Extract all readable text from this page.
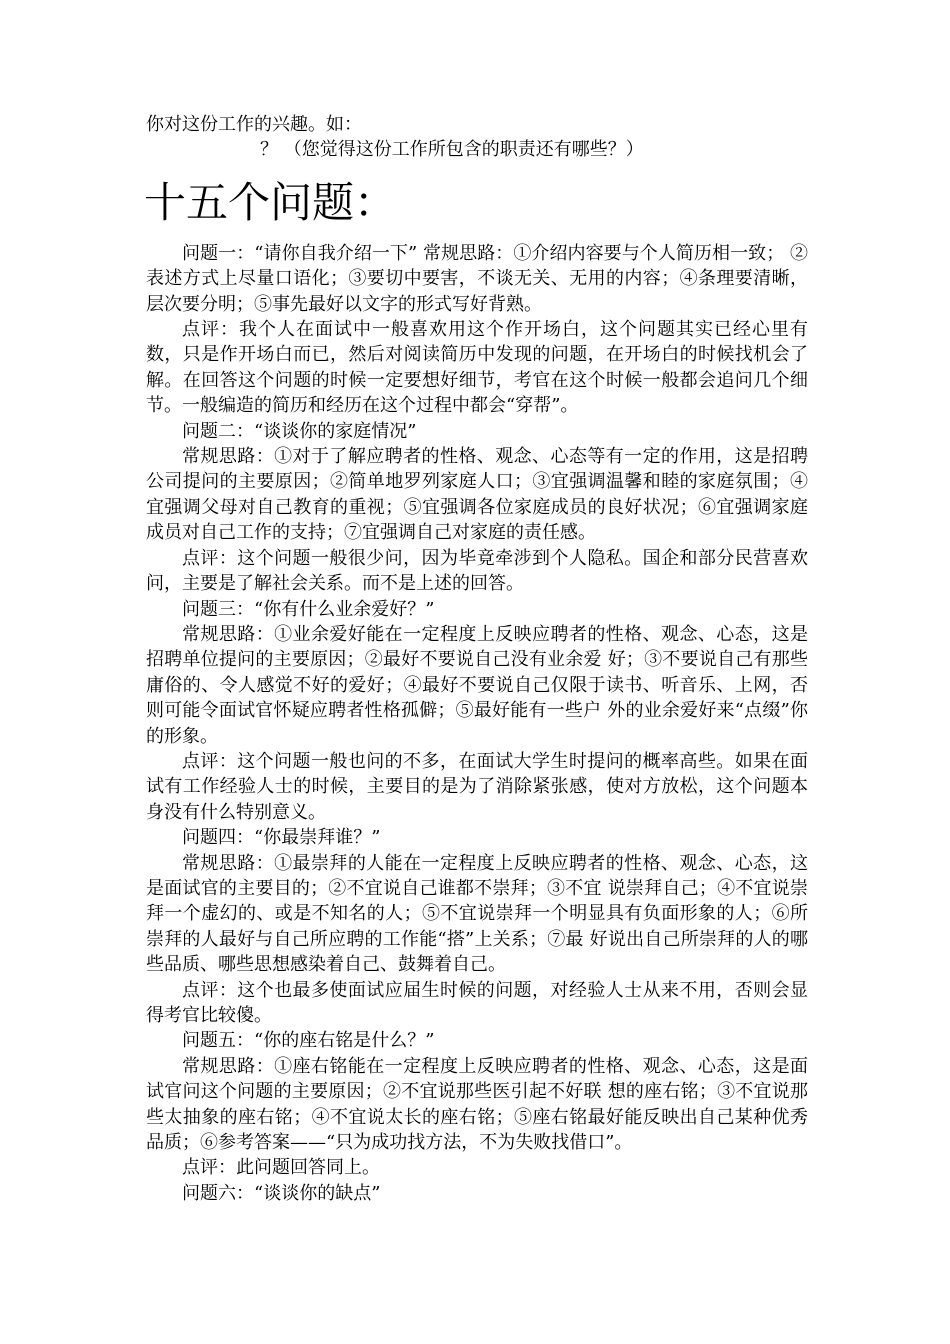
你对这份工作的兴趣。如：

？ （您觉得这份工作所包含的职责还有哪些？）

十五个问题：

问题一：“请你自我介绍一下” 常规思路：①介绍内容要与个人简历相一致； ②表述方式上尽量口语化；③要切中要害，不谈无关、无用的内容；④条理要清晰，层次要分明；⑤事先最好以文字的形式写好背熟。

点评：我个人在面试中一般喜欢用这个作开场白，这个问题其实已经心里有数，只是作开场白而已，然后对阅读简历中发现的问题，在开场白的时候找机会了解。在回答这个问题的时候一定要想好细节，考官在这个时候一般都会追问几个细节。一般编造的简历和经历在这个过程中都会“穿帮”。

问题二：“谈谈你的家庭情况”

常规思路：①对于了解应聘者的性格、观念、心态等有一定的作用，这是招聘公司提问的主要原因；②简单地罗列家庭人口；③宜强调温馨和睦的家庭氛围；④宜强调父母对自己教育的重视；⑤宜强调各位家庭成员的良好状况；⑥宜强调家庭成员对自己工作的支持；⑦宜强调自己对家庭的责任感。

点评：这个问题一般很少问，因为毕竟牵涉到个人隐私。国企和部分民营喜欢问，主要是了解社会关系。而不是上述的回答。

问题三：“你有什么业余爱好？”

常规思路：①业余爱好能在一定程度上反映应聘者的性格、观念、心态，这是招聘单位提问的主要原因；②最好不要说自己没有业余爱 好；③不要说自己有那些庸俗的、令人感觉不好的爱好；④最好不要说自己仅限于读书、听音乐、上网，否则可能令面试官怀疑应聘者性格孤僻；⑤最好能有一些户 外的业余爱好来“点缀”你的形象。

点评：这个问题一般也问的不多，在面试大学生时提问的概率高些。如果在面试有工作经验人士的时候，主要目的是为了消除紧张感，使对方放松，这个问题本身没有什么特别意义。

问题四：“你最崇拜谁？”

常规思路：①最崇拜的人能在一定程度上反映应聘者的性格、观念、心态，这是面试官的主要目的；②不宜说自己谁都不崇拜；③不宜 说崇拜自己；④不宜说崇拜一个虚幻的、或是不知名的人；⑤不宜说崇拜一个明显具有负面形象的人；⑥所崇拜的人最好与自己所应聘的工作能“搭”上关系；⑦最 好说出自己所崇拜的人的哪些品质、哪些思想感染着自己、鼓舞着自己。

点评：这个也最多使面试应届生时候的问题，对经验人士从来不用，否则会显得考官比较傻。

问题五：“你的座右铭是什么？”

常规思路：①座右铭能在一定程度上反映应聘者的性格、观念、心态，这是面试官问这个问题的主要原因；②不宜说那些医引起不好联 想的座右铭；③不宜说那些太抽象的座右铭；④不宜说太长的座右铭；⑤座右铭最好能反映出自己某种优秀品质；⑥参考答案——“只为成功找方法，不为失败找借口”。

点评：此问题回答同上。

问题六：“谈谈你的缺点”
